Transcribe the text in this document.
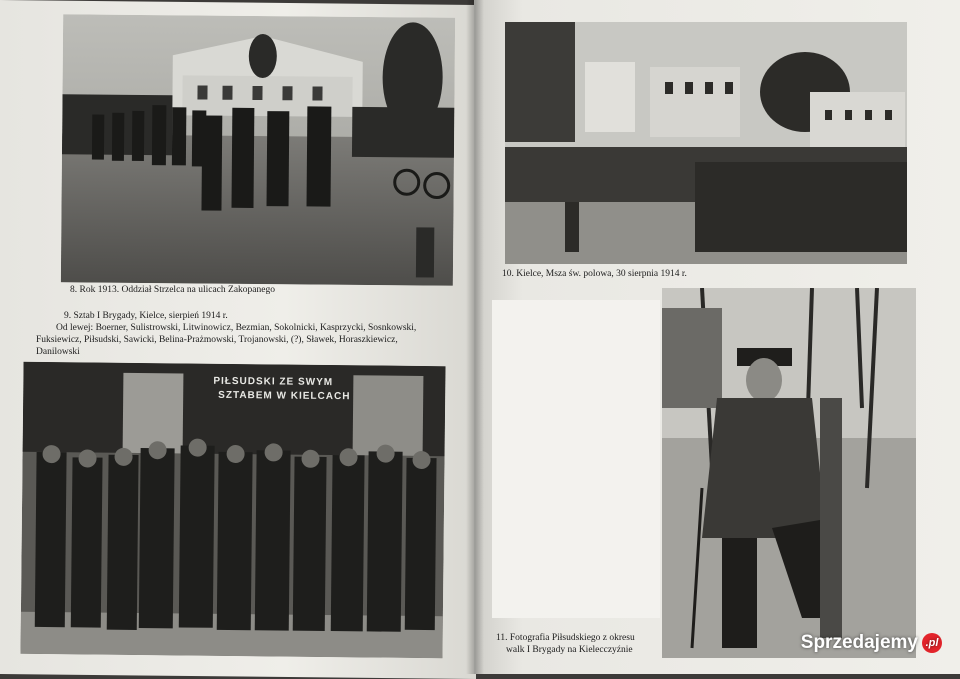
8. Rok 1913. Oddział Strzelca na ulicach Zakopanego
9. Sztab I Brygady, Kielce, sierpień 1914 r.
Od lewej: Boerner, Sulistrowski, Litwinowicz, Bezmian, Sokolnicki, Kasprzycki, Sosnkowski,
Fuksiewicz, Piłsudski, Sawicki, Belina-Prażmowski, Trojanowski, (?), Sławek, Horaszkiewicz,
Danilowski
PIŁSUDSKI ZE SWYM
SZTABEM W KIELCACH
10. Kielce, Msza św. polowa, 30 sierpnia 1914 r.
11. Fotografia Piłsudskiego z okresu
walk I Brygady na Kielecczyźnie	Sprzedajemy .pl
